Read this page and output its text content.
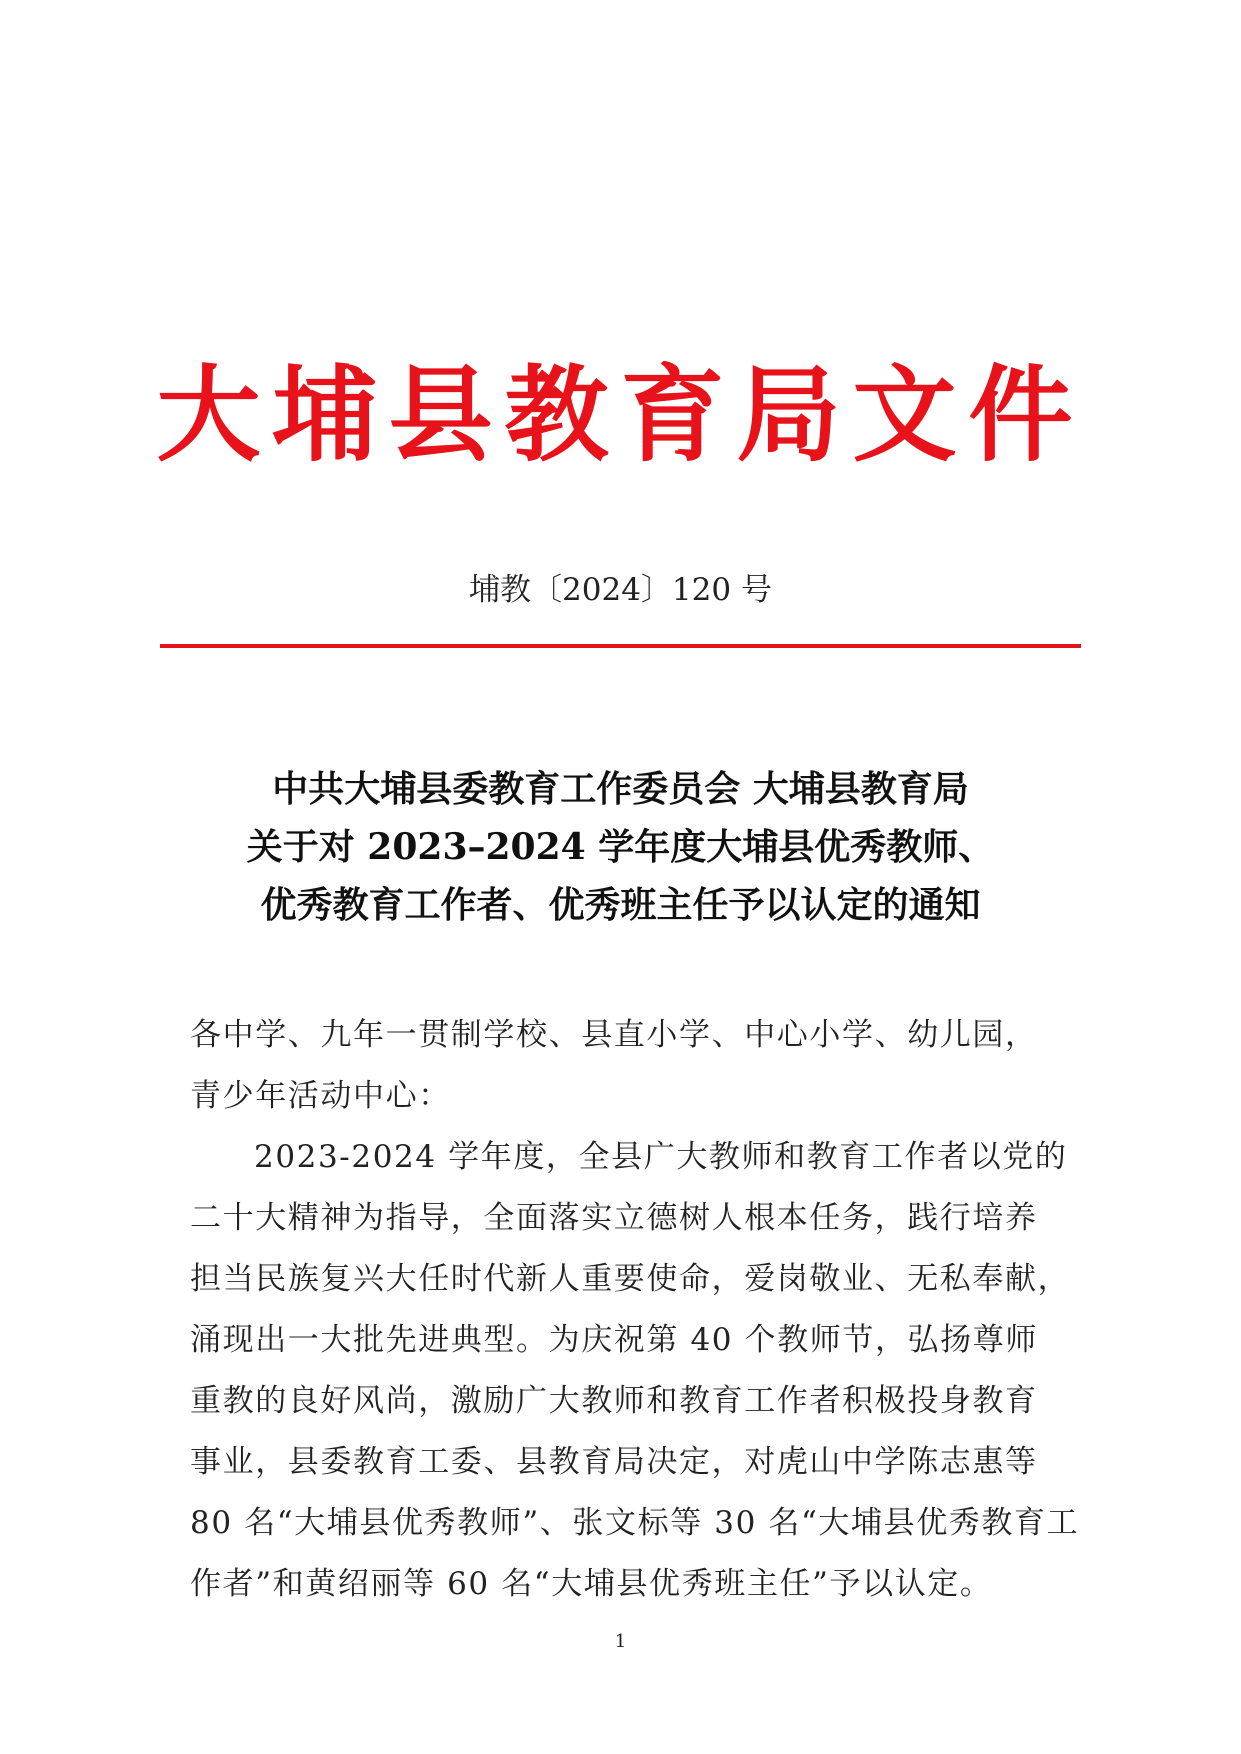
大埔县教育局文件
埔教〔2024〕120 号
中共大埔县委教育工作委员会 大埔县教育局
关于对 2023–2024 学年度大埔县优秀教师、
优秀教育工作者、优秀班主任予以认定的通知
各中学、九年一贯制学校、县直小学、中心小学、幼儿园，
青少年活动中心：
2023-2024 学年度，全县广大教师和教育工作者以党的
二十大精神为指导，全面落实立德树人根本任务，践行培养
担当民族复兴大任时代新人重要使命，爱岗敬业、无私奉献，
涌现出一大批先进典型。为庆祝第 40 个教师节，弘扬尊师
重教的良好风尚，激励广大教师和教育工作者积极投身教育
事业，县委教育工委、县教育局决定，对虎山中学陈志惠等
80 名“大埔县优秀教师”、张文标等 30 名“大埔县优秀教育工
作者”和黄绍丽等 60 名“大埔县优秀班主任”予以认定。
1
